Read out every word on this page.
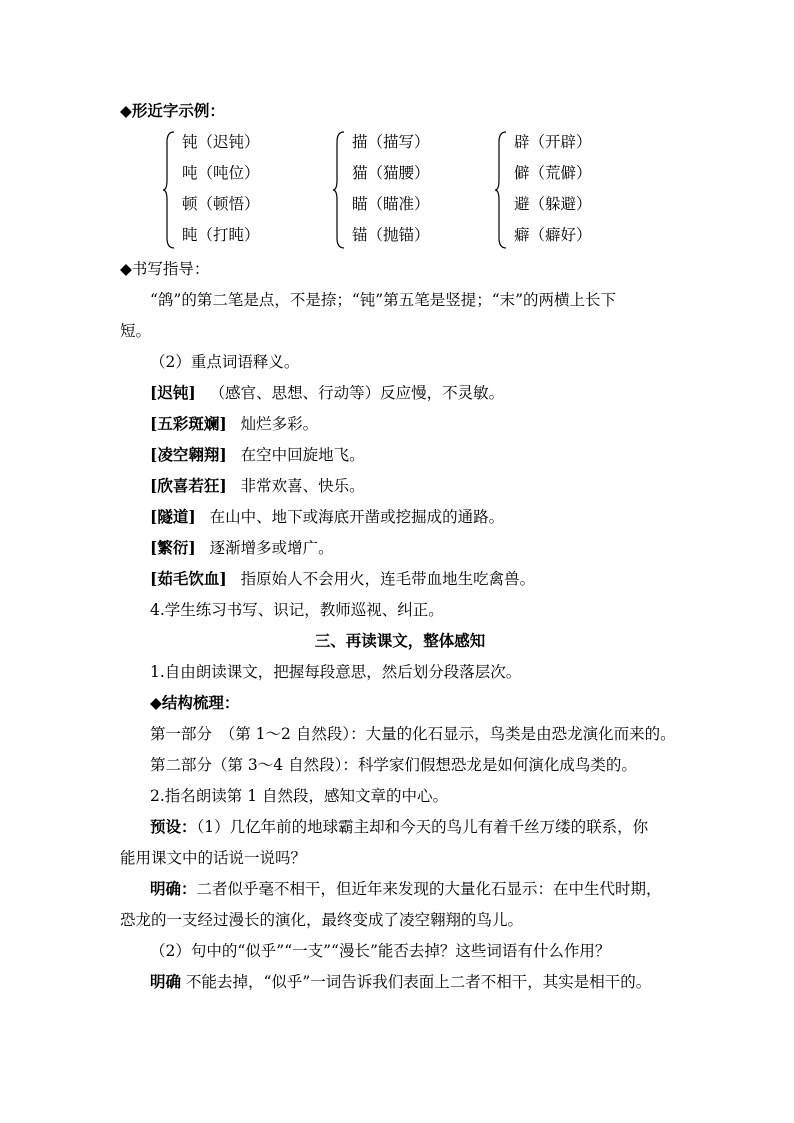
◆形近字示例：
钝（迟钝）
吨（吨位）
顿（顿悟）
盹（打盹）
描（描写）
猫（猫腰）
瞄（瞄准）
锚（抛锚）
辟（开辟）
僻（荒僻）
避（躲避）
癖（癖好）
◆书写指导：
“鸽”的第二笔是点，不是捺；“钝”第五笔是竖提；“末”的两横上长下
短。
（2）重点词语释义。
[迟钝] （感官、思想、行动等）反应慢，不灵敏。
[五彩斑斓] 灿烂多彩。
[凌空翱翔] 在空中回旋地飞。
[欣喜若狂] 非常欢喜、快乐。
[隧道] 在山中、地下或海底开凿或挖掘成的通路。
[繁衍] 逐渐增多或增广。
[茹毛饮血] 指原始人不会用火，连毛带血地生吃禽兽。
4.学生练习书写、识记，教师巡视、纠正。
三、再读课文，整体感知
1.自由朗读课文，把握每段意思，然后划分段落层次。
◆结构梳理：
第一部分　（第 1～2 自然段）：大量的化石显示，鸟类是由恐龙演化而来的。
第二部分（第 3～4 自然段）：科学家们假想恐龙是如何演化成鸟类的。
2.指名朗读第 1 自然段，感知文章的中心。
预设：（1）几亿年前的地球霸主却和今天的鸟儿有着千丝万缕的联系，你
能用课文中的话说一说吗？
明确：二者似乎毫不相干，但近年来发现的大量化石显示：在中生代时期，
恐龙的一支经过漫长的演化，最终变成了凌空翱翔的鸟儿。
（2）句中的“似乎”“一支”“漫长”能否去掉？这些词语有什么作用？
明确 不能去掉，“似乎”一词告诉我们表面上二者不相干，其实是相干的。
